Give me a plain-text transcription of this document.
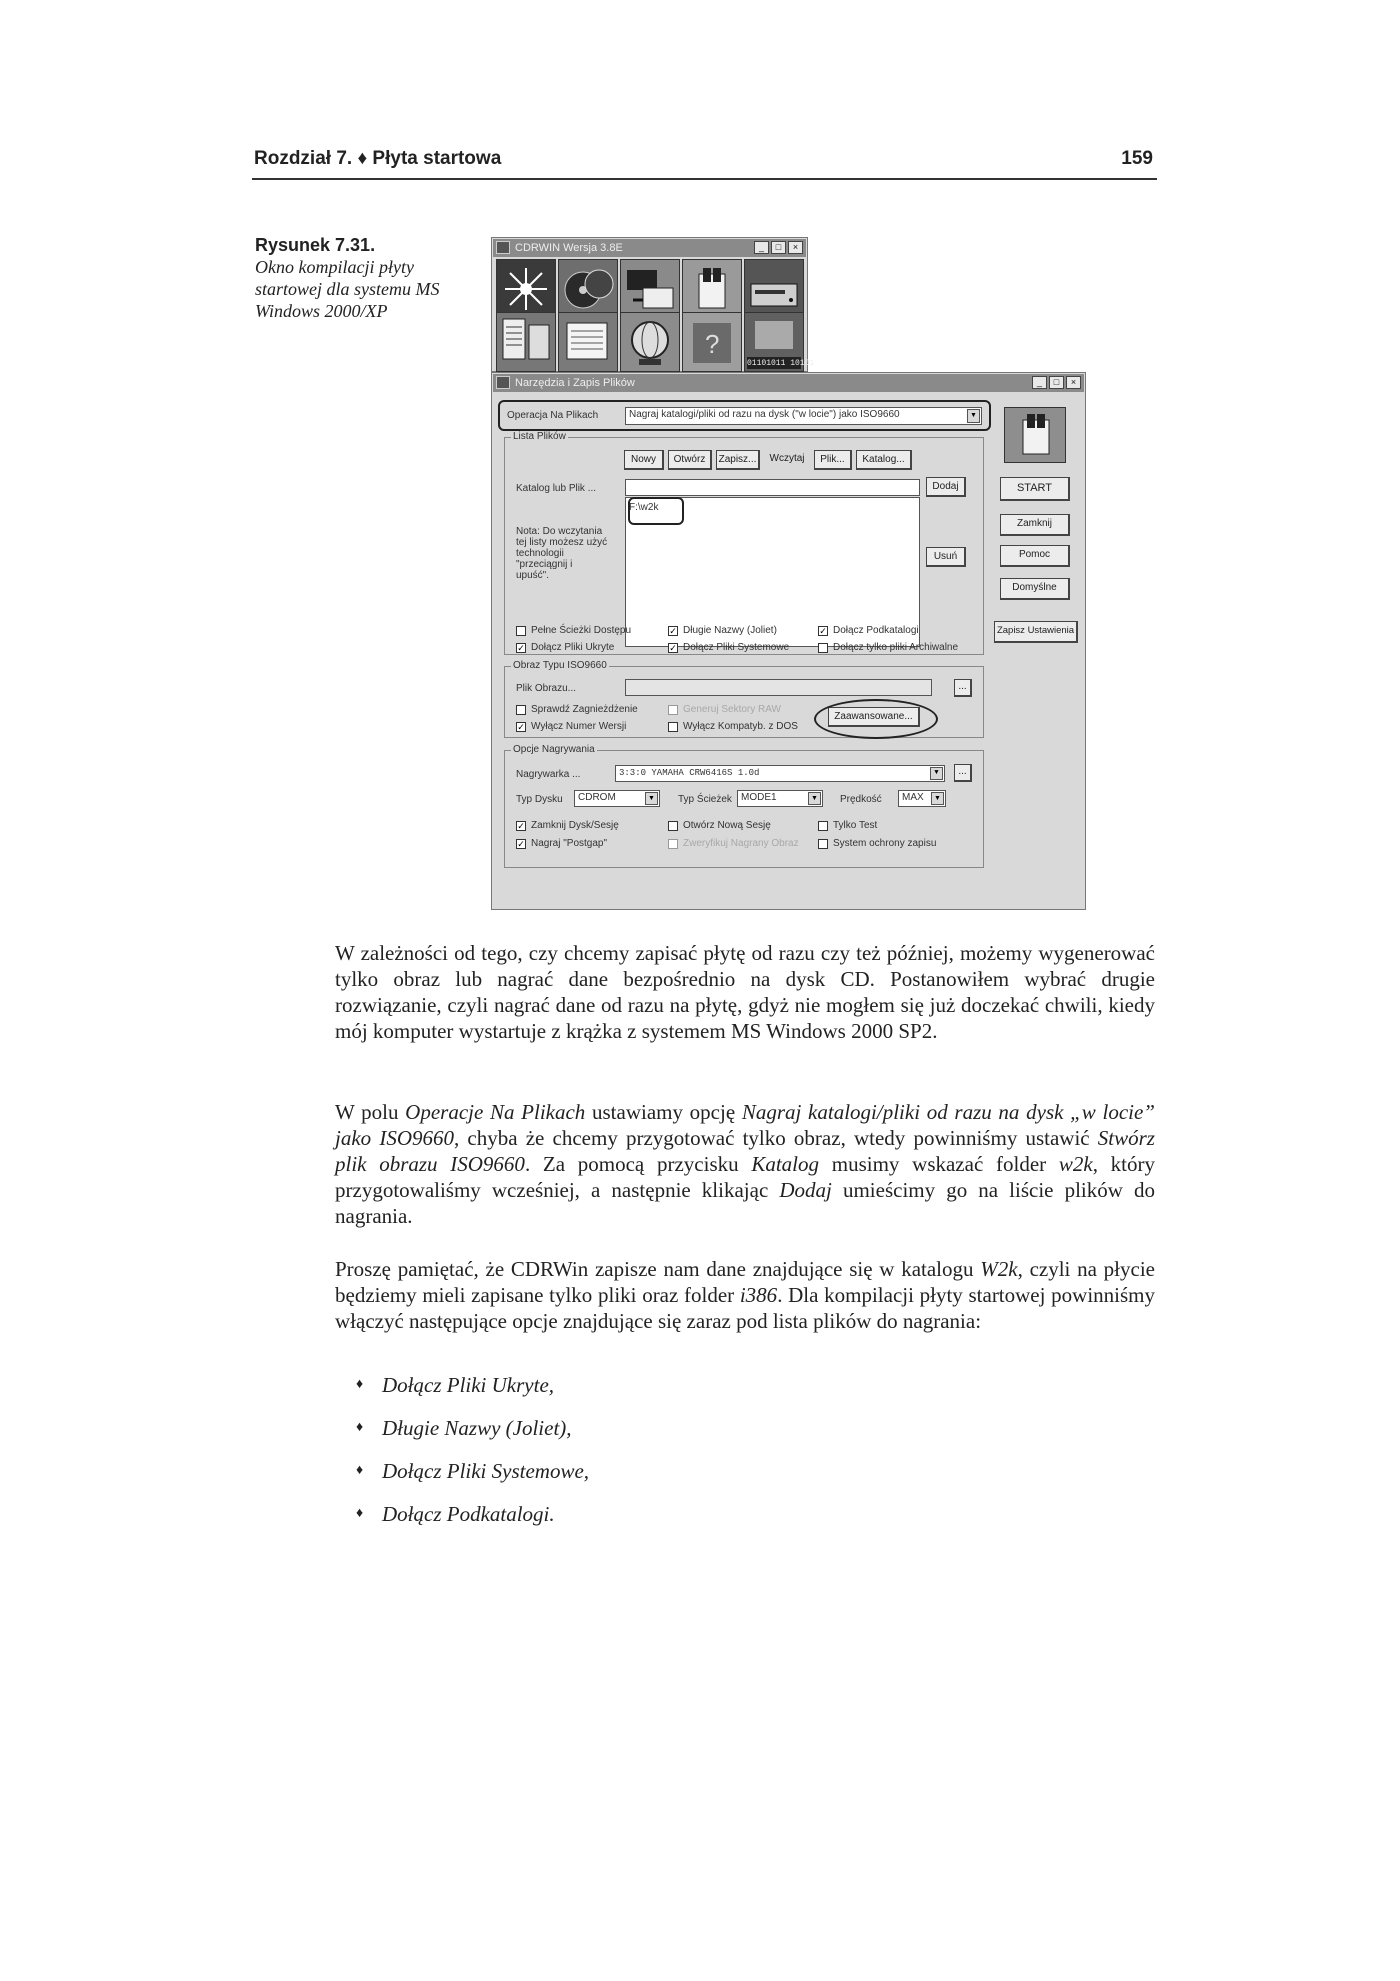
Rozdział 7. ♦ Płyta startowa	159
Rysunek 7.31.
Okno kompilacji płyty startowej dla systemu MS Windows 2000/XP
CDRWIN Wersja 3.8E	_	□	×
?
01101011 10101
Narzędzia i Zapis Plików	_	□	×
Operacja Na Plikach	Nagraj katalogi/pliki od razu na dysk ("w locie") jako ISO9660	▼
Lista Plików
Nowy	Otwórz	Zapisz...	Wczytaj	Plik...	Katalog...
Katalog lub Plik ...	Dodaj
F:\w2k
Usuń
Nota: Do wczytania
tej listy możesz użyć
technologii
"przeciągnij i
upuść".
Pełne Ścieżki Dostępu	✓ Długie Nazwy (Joliet)	✓ Dołącz Podkatalogi
✓ Dołącz Pliki Ukryte	✓ Dołącz Pliki Systemowe	Dołącz tylko pliki Archiwalne
Obraz Typu ISO9660
Plik Obrazu...	...
Sprawdź Zagnieżdżenie	Generuj Sektory RAW
✓ Wyłącz Numer Wersji	Wyłącz Kompatyb. z DOS
Zaawansowane...
Opcje Nagrywania
Nagrywarka ...	3:3:0 YAMAHA CRW6416S 1.0d	▼	...
Typ Dysku	CDROM	▼	Typ Ścieżek MODE1	▼	Prędkość	MAX	▼
✓ Zamknij Dysk/Sesję	Otwórz Nową Sesję	Tylko Test
✓ Nagraj "Postgap"	Zweryfikuj Nagrany Obraz	System ochrony zapisu
START
Zamknij
Pomoc
Domyślne
Zapisz Ustawienia

W zależności od tego, czy chcemy zapisać płytę od razu czy też później, możemy wygenerować tylko obraz lub nagrać dane bezpośrednio na dysk CD. Postanowiłem wybrać drugie rozwiązanie, czyli nagrać dane od razu na płytę, gdyż nie mogłem się już doczekać chwili, kiedy mój komputer wystartuje z krążka z systemem MS Windows 2000 SP2.

W polu Operacje Na Plikach ustawiamy opcję Nagraj katalogi/pliki od razu na dysk „w locie” jako ISO9660, chyba że chcemy przygotować tylko obraz, wtedy powinniśmy ustawić Stwórz plik obrazu ISO9660. Za pomocą przycisku Katalog musimy wskazać folder w2k, który przygotowaliśmy wcześniej, a następnie klikając Dodaj umieścimy go na liście plików do nagrania.

Proszę pamiętać, że CDRWin zapisze nam dane znajdujące się w katalogu W2k, czyli na płycie będziemy mieli zapisane tylko pliki oraz folder i386. Dla kompilacji płyty startowej powinniśmy włączyć następujące opcje znajdujące się zaraz pod lista plików do nagrania:

♦ Dołącz Pliki Ukryte,
♦ Długie Nazwy (Joliet),
♦ Dołącz Pliki Systemowe,
♦ Dołącz Podkatalogi.
